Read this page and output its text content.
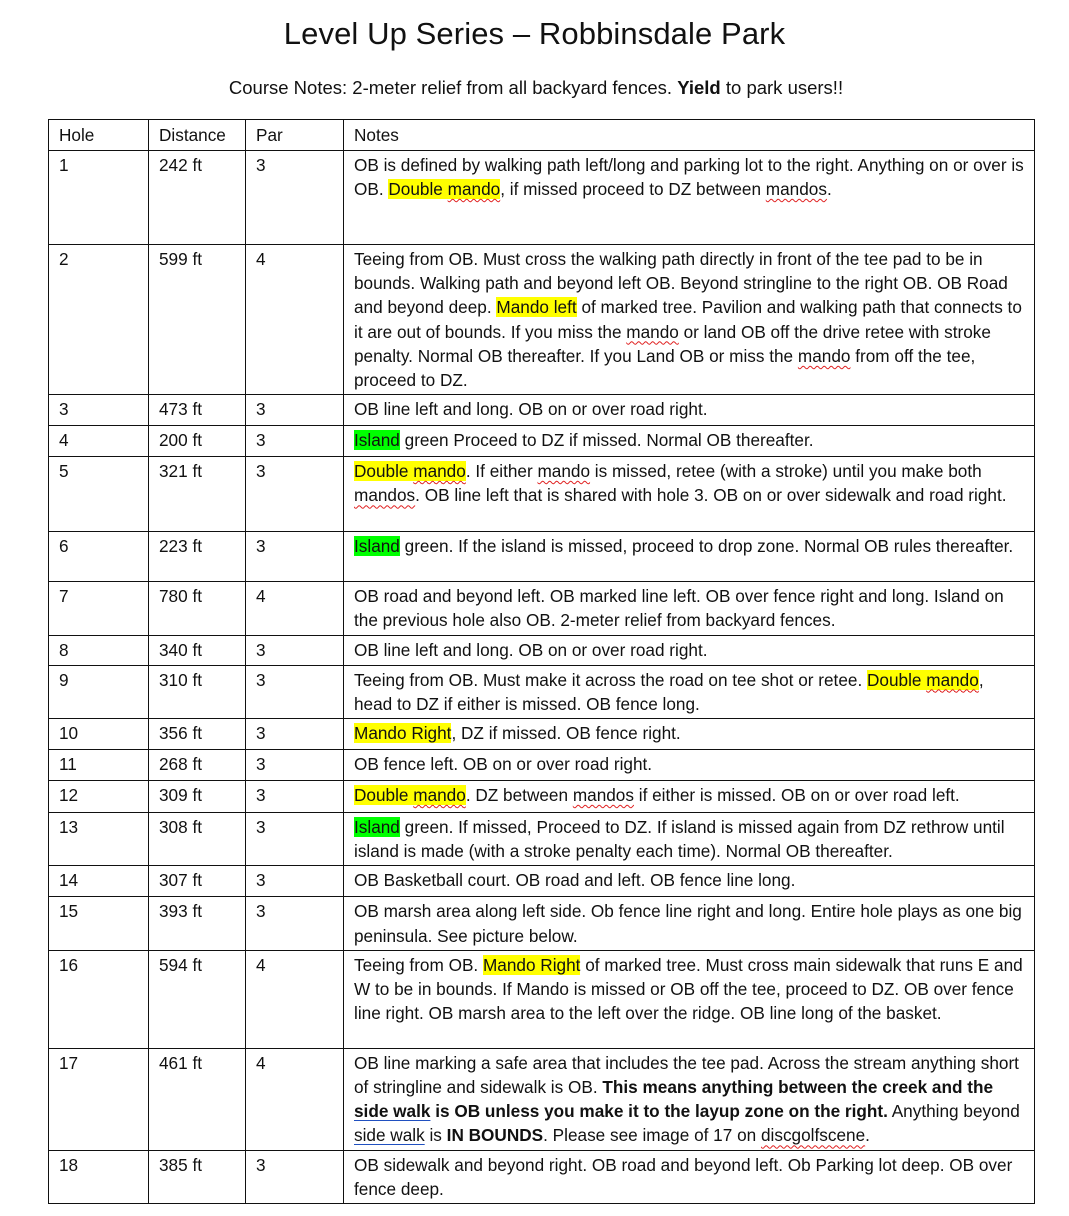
Level Up Series – Robbinsdale Park
Course Notes: 2-meter relief from all backyard fences. Yield to park users!!
Hole	Distance	Par	Notes
1	242 ft	3	OB is defined by walking path left/long and parking lot to the right. Anything on or over is OB. Double mando, if missed proceed to DZ between mandos.
2	599 ft	4	Teeing from OB. Must cross the walking path directly in front of the tee pad to be in bounds. Walking path and beyond left OB. Beyond stringline to the right OB. OB Road and beyond deep. Mando left of marked tree. Pavilion and walking path that connects to it are out of bounds. If you miss the mando or land OB off the drive retee with stroke penalty. Normal OB thereafter. If you Land OB or miss the mando from off the tee, proceed to DZ.
3	473 ft	3	OB line left and long. OB on or over road right.
4	200 ft	3	Island green Proceed to DZ if missed. Normal OB thereafter.
5	321 ft	3	Double mando. If either mando is missed, retee (with a stroke) until you make both mandos. OB line left that is shared with hole 3. OB on or over sidewalk and road right.
6	223 ft	3	Island green. If the island is missed, proceed to drop zone. Normal OB rules thereafter.
7	780 ft	4	OB road and beyond left. OB marked line left. OB over fence right and long. Island on the previous hole also OB. 2-meter relief from backyard fences.
8	340 ft	3	OB line left and long. OB on or over road right.
9	310 ft	3	Teeing from OB. Must make it across the road on tee shot or retee. Double mando, head to DZ if either is missed. OB fence long.
10	356 ft	3	Mando Right, DZ if missed. OB fence right.
11	268 ft	3	OB fence left. OB on or over road right.
12	309 ft	3	Double mando. DZ between mandos if either is missed. OB on or over road left.
13	308 ft	3	Island green. If missed, Proceed to DZ. If island is missed again from DZ rethrow until island is made (with a stroke penalty each time). Normal OB thereafter.
14	307 ft	3	OB Basketball court. OB road and left. OB fence line long.
15	393 ft	3	OB marsh area along left side. Ob fence line right and long. Entire hole plays as one big peninsula. See picture below.
16	594 ft	4	Teeing from OB. Mando Right of marked tree. Must cross main sidewalk that runs E and W to be in bounds. If Mando is missed or OB off the tee, proceed to DZ. OB over fence line right. OB marsh area to the left over the ridge. OB line long of the basket.
17	461 ft	4	OB line marking a safe area that includes the tee pad. Across the stream anything short of stringline and sidewalk is OB. This means anything between the creek and the side walk is OB unless you make it to the layup zone on the right. Anything beyond side walk is IN BOUNDS. Please see image of 17 on discgolfscene.
18	385 ft	3	OB sidewalk and beyond right. OB road and beyond left. Ob Parking lot deep. OB over fence deep.
